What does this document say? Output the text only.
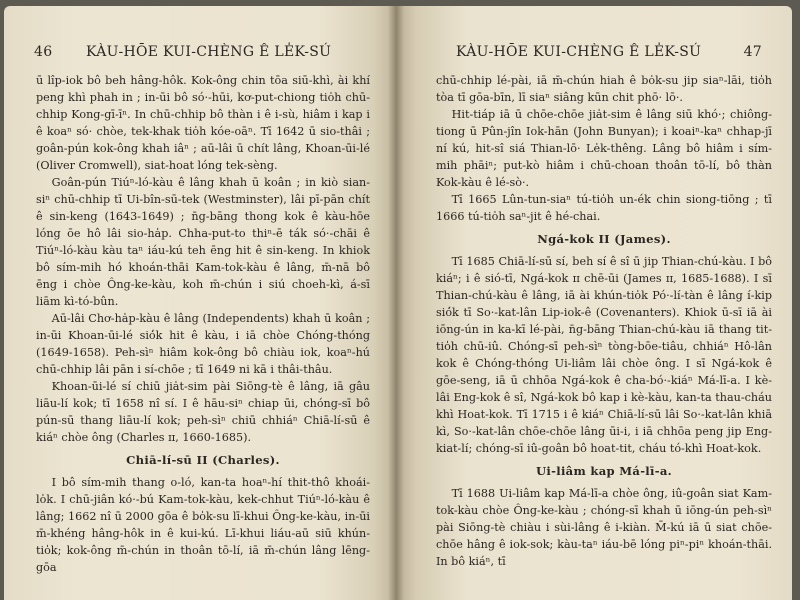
46 KÀU-HŌE KUI-CHÈNG Ê LE̍K-SÚ

ū lîp-iok bô beh hâng-hôk. Kok-ông chin tōa siū-khì, ài khí peng khì phah in ; in-ūi bô só·-hūi, kơ-put-chiong tio̍h chū-chhip Kong-gī-īⁿ. In chū-chhip bô thàn i ê i-sù, hiâm i kap i ê koaⁿ só· chòe, tek-khak tio̍h kóe-oāⁿ. Tī 1642 ū sio-thâi ; goân-pún kok-ông khah iâⁿ ; aū-lâi ū chít lâng, Khoan-ūi-lé (Oliver Cromwell), siat-hoat lóng tek-sèng.

Goân-pún Tiúⁿ-ló-kàu ê lâng khah ū koân ; in kiò sian-siⁿ chū-chhip tī Ui-bîn-sū-tek (Westminster), lâi pī-pān chít ê sin-keng (1643-1649) ; n̄g-bāng thong kok ê kàu-hōe lóng ōe hô lâi sio-ha̍p. Chha-put-to thiⁿ-ē ták só·-chāi ê Tiúⁿ-ló-kàu kàu taⁿ iáu-kú teh ēng hit ê sin-keng. In khiok bô sím-mih hó khoán-thāi Kam-tok-kàu ê lâng, m̄-nā bô ēng i chòe Ông-ke-kàu, koh m̄-chún i siú choeh-kì, á-sī liām kì-tó-bûn.

Aū-lâi Chơ-ha̍p-kàu ê lâng (Independents) khah ū koân ; in-ūi Khoan-ūi-lé sió̍k hit ê kàu, i iā chòe Chóng-thóng (1649-1658). Peh-sìⁿ hiâm kok-ông bô chiàu iok, koaⁿ-hú chū-chhip lâi pān i sí-chōe ; tī 1649 ni kā i thâi-thâu.

Khoan-ūi-lé sí chiū jia̍t-sim pài Siōng-tè ê lâng, iā gâu liāu-lí kok; tī 1658 nî sí. I ê hāu-siⁿ chiap ūi, chóng-sī bô pún-sū thang liāu-lí kok; peh-sìⁿ chiū chhiáⁿ Chiā-lí-sū ê kiáⁿ chòe ông (Charles ɪɪ, 1660-1685).

Chiā-lí-sū II (Charles).

I bô sím-mih thang o-ló, kan-ta hoaⁿ-hí thit-thô khoái-lo̍k. I chū-jiân kó·-bú Kam-tok-kàu, kek-chhut Tiúⁿ-ló-kàu ê lâng; 1662 nî ū 2000 gōa ê bo̍k-su lī-khui Ông-ke-kàu, in-ūi m̄-khéng hâng-hôk in ê kui-kú. Lī-khui liáu-aū siū khún-tio̍k; kok-ông m̄-chún in thoân tō-lí, iā m̄-chún lâng lēng-gōa

KÀU-HŌE KUI-CHÈNG Ê LE̍K-SÚ	47

chū-chhip lé-pài, iā m̄-chún hiah ê bo̍k-su jip siaⁿ-lāi, tio̍h tòa tī gōa-bīn, lī siaⁿ siâng kūn chit phō· lō·.

Hit-tiáp iā ū chōe-chōe jia̍t-sim ê lâng siū khó·; chiông-tiong ū Pûn-jîn Iok-hān (John Bunyan); i koaiⁿ-kaⁿ chhap-jī ní kú, hit-sî siá Thian-lō· Le̍k-thêng. Lâng bô hiâm i sím-mih phāiⁿ; put-kò hiâm i chū-choan thoân tō-lí, bô thàn Kok-kàu ê lé-sò·.

Tī 1665 Lûn-tun-siaⁿ tú-tio̍h un-ék chin siong-tiōng ; tī 1666 tú-tio̍h saⁿ-jit ê hé-chai.

Ngá-kok II (James).

Tī 1685 Chiā-lí-sū sí, beh sí ê sî ū jip Thian-chú-kàu. I bô kiáⁿ; i ê sió-tī, Ngá-kok ɪɪ chē-ūi (James ɪɪ, 1685-1688). I sī Thian-chú-kàu ê lâng, iā ài khún-tio̍k Pó·-lí-tàn ê lâng í-kip sió̍k tī So·-kat-lân Lip-iok-ê (Covenanters). Khiok ū-sī iā ài iōng-ún in ka-kī lé-pài, n̄g-bāng Thian-chú-kàu iā thang tit-tio̍h chū-iû. Chóng-sī peh-sìⁿ tòng-bōe-tiâu, chhiáⁿ Hô-lân kok ê Chóng-thóng Ui-liâm lâi chòe ông. I sī Ngá-kok ê gōe-seng, iā ū chhōa Ngá-kok ê cha-bó·-kiáⁿ Má-lī-a. I kè-lâi Eng-kok ê sî, Ngá-kok bô kap i kè-kàu, kan-ta thau-cháu khì Hoat-kok. Tī 1715 i ê kiáⁿ Chiā-lí-sū lâi So·-kat-lân khiā kì, So·-kat-lân chōe-chōe lâng ūi-i, i iā chhōa peng jip Eng-kiat-lí; chóng-sī iû-goân bô hoat-tit, cháu tó-khì Hoat-kok.

Ui-liâm kap Má-lī-a.

Tī 1688 Ui-liâm kap Má-lī-a chòe ông, iû-goân siat Kam-tok-kàu chòe Ông-ke-kàu ; chóng-sī khah ū iōng-ún peh-sìⁿ pài Siōng-tè chiàu i sùi-lâng ê i-kiàn. M̄-kú iā ū siat chōe-chōe hâng ê iok-sok; kàu-taⁿ iáu-bē lóng piⁿ-piⁿ khoán-thāi. In bô kiáⁿ, tī
